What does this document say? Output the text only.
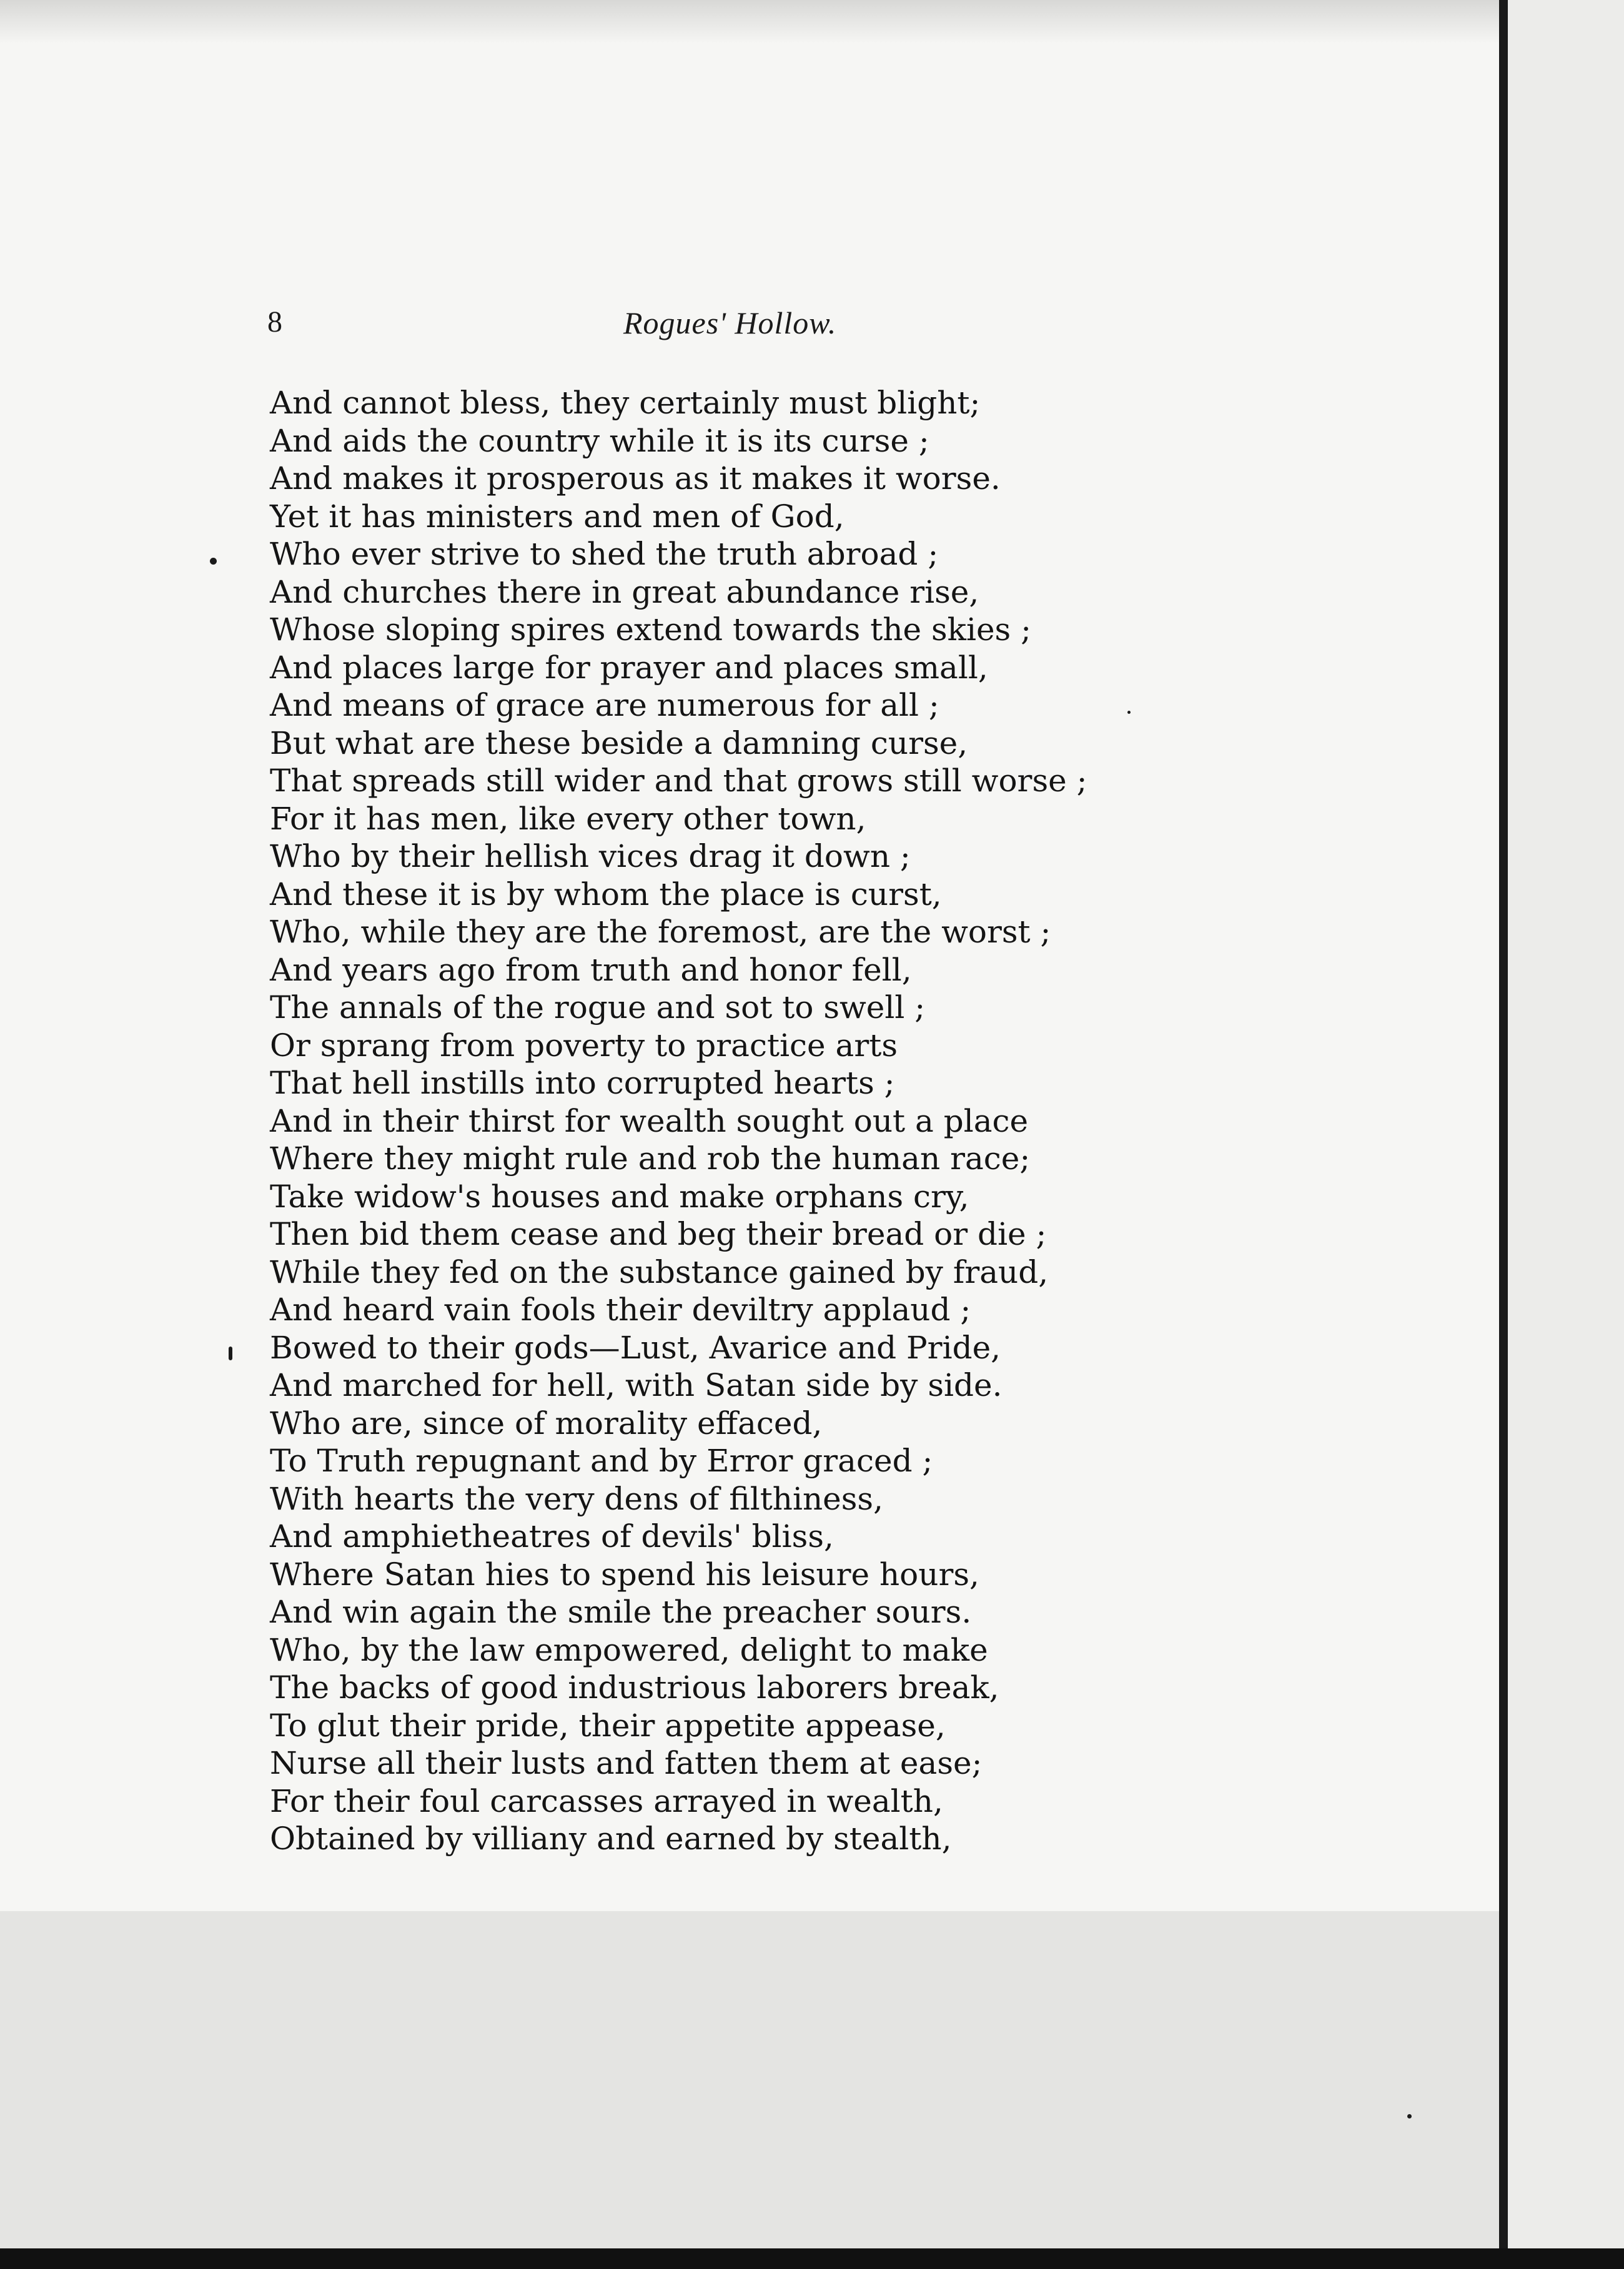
8	Rogues' Hollow.
And cannot bless, they certainly must blight;
And aids the country while it is its curse ;
And makes it prosperous as it makes it worse.
Yet it has ministers and men of God,
Who ever strive to shed the truth abroad ;
And churches there in great abundance rise,
Whose sloping spires extend towards the skies ;
And places large for prayer and places small,
And means of grace are numerous for all ;
But what are these beside a damning curse,
That spreads still wider and that grows still worse ;
For it has men, like every other town,
Who by their hellish vices drag it down ;
And these it is by whom the place is curst,
Who, while they are the foremost, are the worst ;
And years ago from truth and honor fell,
The annals of the rogue and sot to swell ;
Or sprang from poverty to practice arts
That hell instills into corrupted hearts ;
And in their thirst for wealth sought out a place
Where they might rule and rob the human race;
Take widow's houses and make orphans cry,
Then bid them cease and beg their bread or die ;
While they fed on the substance gained by fraud,
And heard vain fools their deviltry applaud ;
Bowed to their gods—Lust, Avarice and Pride,
And marched for hell, with Satan side by side.
Who are, since of morality effaced,
To Truth repugnant and by Error graced ;
With hearts the very dens of filthiness,
And amphietheatres of devils' bliss,
Where Satan hies to spend his leisure hours,
And win again the smile the preacher sours.
Who, by the law empowered, delight to make
The backs of good industrious laborers break,
To glut their pride, their appetite appease,
Nurse all their lusts and fatten them at ease;
For their foul carcasses arrayed in wealth,
Obtained by villiany and earned by stealth,
